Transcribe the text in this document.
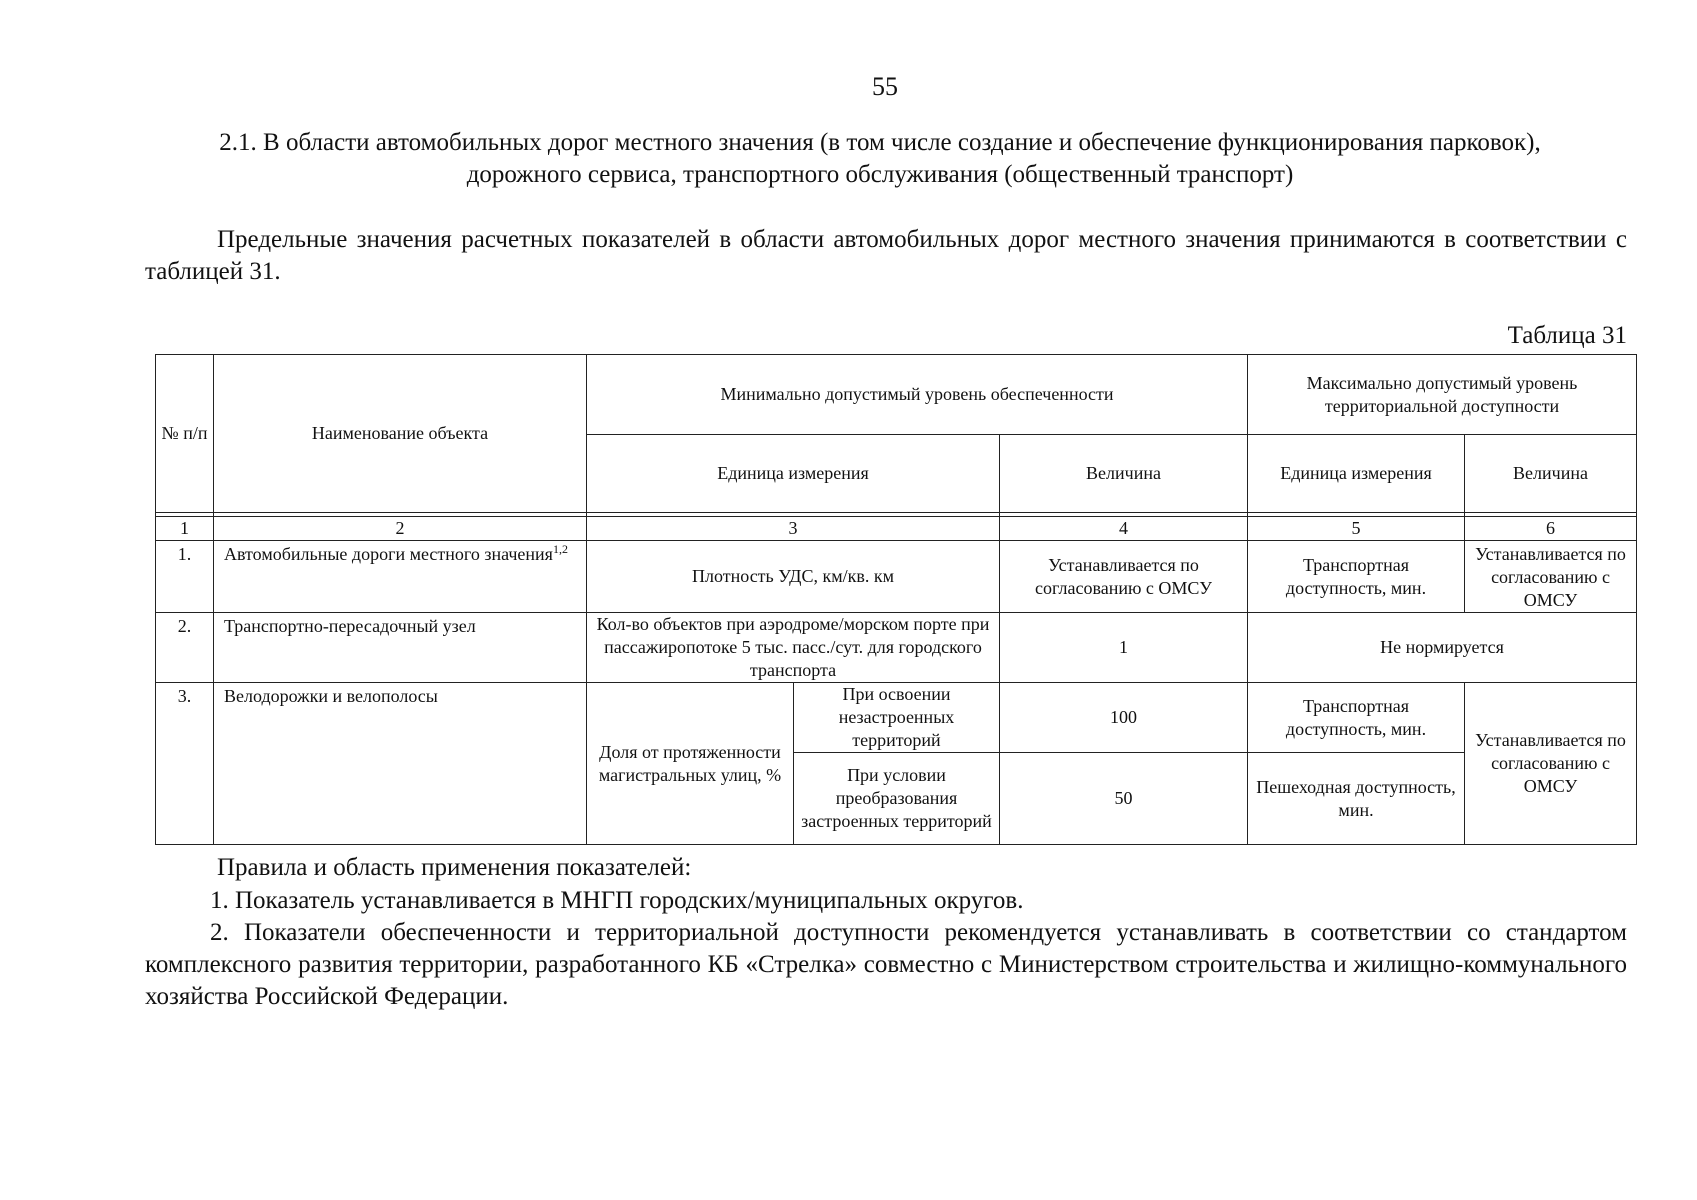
55
2.1. В области автомобильных дорог местного значения (в том числе создание и обеспечение функционирования парковок), дорожного сервиса, транспортного обслуживания (общественный транспорт)
Предельные значения расчетных показателей в области автомобильных дорог местного значения принимаются в соответствии с таблицей 31.
Таблица 31
№ п/п	Наименование объекта	Минимально допустимый уровень обеспеченности			Максимально допустимый уровень территориальной доступности	
		Единица измерения		Величина	Единица измерения	Величина

1	2	3		4	5	6
1.	Автомобильные дороги местного значения$^{1,2}$	Плотность УДС, км/кв. км		Устанавливается по согласованию с ОМСУ	Транспортная доступность, мин.	Устанавливается по согласованию с ОМСУ
2.	Транспортно-пересадочный узел	Кол-во объектов при аэродроме/морском порте при пассажиропотоке 5 тыс. пасс./сут. для городского транспорта		1	Не нормируется	
3.	Велодорожки и велополосы	Доля от протяженности магистральных улиц, %	При освоении незастроенных территорий	100	Транспортная доступность, мин.	Устанавливается по согласованию с ОМСУ
			При условии преобразования застроенных территорий	50	Пешеходная доступность, мин.	
Правила и область применения показателей:
1. Показатель устанавливается в МНГП городских/муниципальных округов.
2. Показатели обеспеченности и территориальной доступности рекомендуется устанавливать в соответствии со стандартом комплексного развития территории, разработанного КБ «Стрелка» совместно с Министерством строительства и жилищно-коммунального хозяйства Российской Федерации.
